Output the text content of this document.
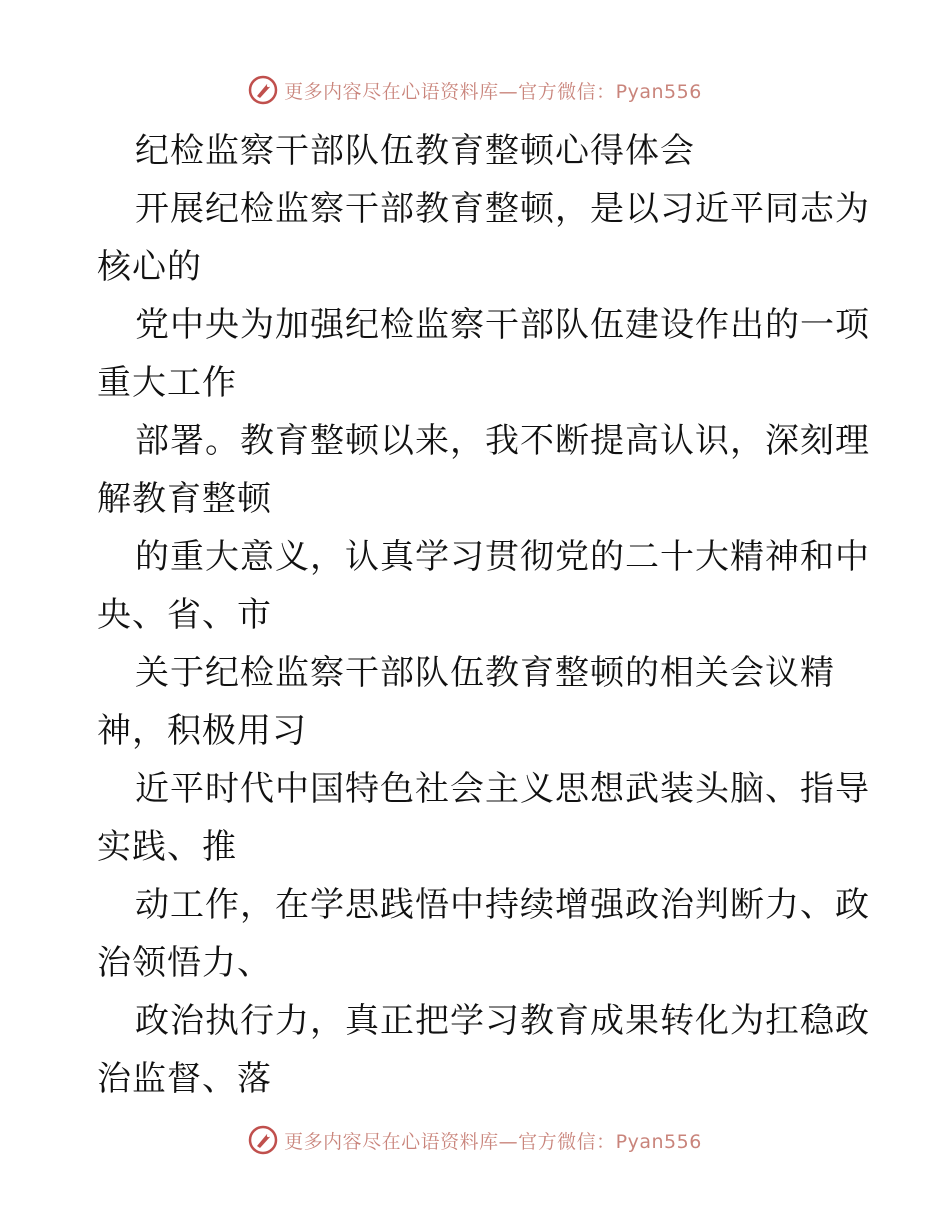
更多内容尽在心语资料库—官方微信：Pyan556
纪检监察干部队伍教育整顿心得体会
开展纪检监察干部教育整顿，是以习近平同志为
核心的
党中央为加强纪检监察干部队伍建设作出的一项
重大工作
部署。教育整顿以来，我不断提高认识，深刻理
解教育整顿
的重大意义，认真学习贯彻党的二十大精神和中
央、省、市
关于纪检监察干部队伍教育整顿的相关会议精
神，积极用习
近平时代中国特色社会主义思想武装头脑、指导
实践、推
动工作，在学思践悟中持续增强政治判断力、政
治领悟力、
政治执行力，真正把学习教育成果转化为扛稳政
治监督、落
更多内容尽在心语资料库—官方微信：Pyan556
